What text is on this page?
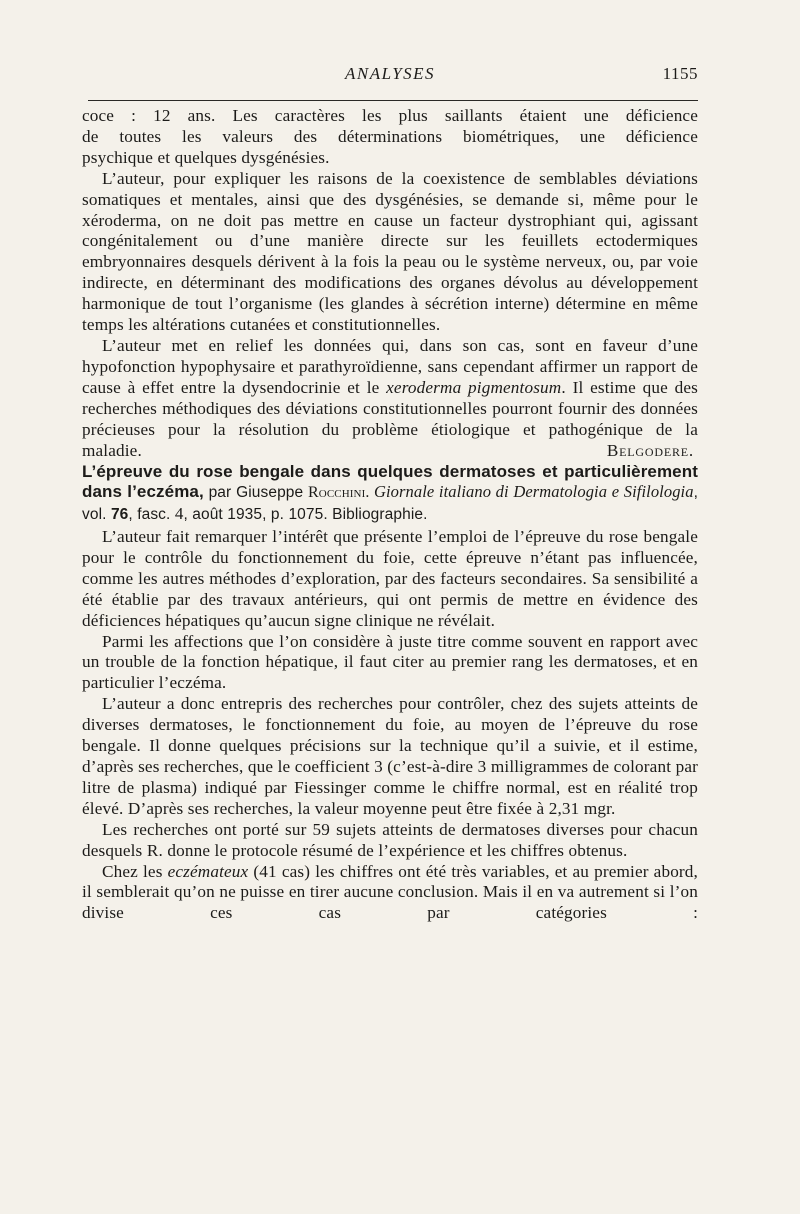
ANALYSES	1155

coce : 12 ans. Les caractères les plus saillants étaient une déficience

de toutes les valeurs des déterminations biométriques, une déficience

psychique et quelques dysgénésies.

L’auteur, pour expliquer les raisons de la coexistence de semblables déviations somatiques et mentales, ainsi que des dysgénésies, se demande si, même pour le xéroderma, on ne doit pas mettre en cause un facteur dystrophiant qui, agissant congénitalement ou d’une manière directe sur les feuillets ectodermiques embryonnaires desquels dérivent à la fois la peau ou le système nerveux, ou, par voie indirecte, en déterminant des modifications des organes dévolus au développement harmonique de tout l’organisme (les glandes à sécrétion interne) détermine en même temps les altérations cutanées et constitutionnelles.

L’auteur met en relief les données qui, dans son cas, sont en faveur d’une hypofonction hypophysaire et parathyroïdienne, sans cependant affirmer un rapport de cause à effet entre la dysendocrinie et le xeroderma pigmentosum. Il estime que des recherches méthodiques des déviations constitutionnelles pourront fournir des données précieuses pour la résolution du problème étiologique et pathogénique de la

maladie.	Belgodere.

L’épreuve du rose bengale dans quelques dermatoses et particulièrement dans l’eczéma, par Giuseppe Rocchini. Giornale italiano di Dermatologia e Sifilologia, vol. 76, fasc. 4, août 1935, p. 1075. Bibliographie.

L’auteur fait remarquer l’intérêt que présente l’emploi de l’épreuve du rose bengale pour le contrôle du fonctionnement du foie, cette épreuve n’étant pas influencée, comme les autres méthodes d’exploration, par des facteurs secondaires. Sa sensibilité a été établie par des travaux antérieurs, qui ont permis de mettre en évidence des déficiences hépatiques qu’aucun signe clinique ne révélait.

Parmi les affections que l’on considère à juste titre comme souvent en rapport avec un trouble de la fonction hépatique, il faut citer au premier rang les dermatoses, et en particulier l’eczéma.

L’auteur a donc entrepris des recherches pour contrôler, chez des sujets atteints de diverses dermatoses, le fonctionnement du foie, au moyen de l’épreuve du rose bengale. Il donne quelques précisions sur la technique qu’il a suivie, et il estime, d’après ses recherches, que le coefficient 3 (c’est-à-dire 3 milligrammes de colorant par litre de plasma) indiqué par Fiessinger comme le chiffre normal, est en réalité trop élevé. D’après ses recherches, la valeur moyenne peut être fixée à 2,31 mgr.

Les recherches ont porté sur 59 sujets atteints de dermatoses diverses pour chacun desquels R. donne le protocole résumé de l’expérience et les chiffres obtenus.

Chez les eczémateux (41 cas) les chiffres ont été très variables, et au premier abord, il semblerait qu’on ne puisse en tirer aucune conclusion. Mais il en va autrement si l’on divise ces cas par catégories :
